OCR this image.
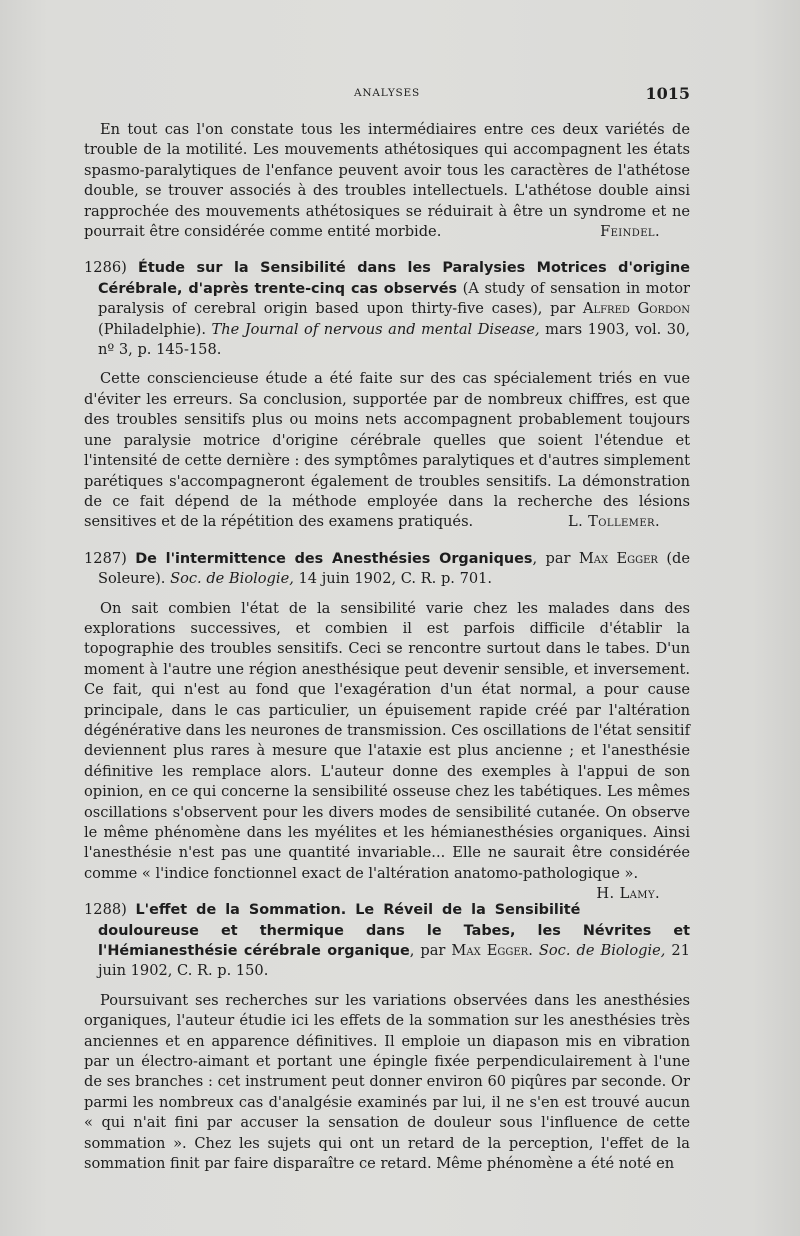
ANALYSES	1015

En tout cas l'on constate tous les intermédiaires entre ces deux variétés de trouble de la motilité. Les mouvements athétosiques qui accompagnent les états spasmo-paralytiques de l'enfance peuvent avoir tous les caractères de l'athétose double, se trouver associés à des troubles intellectuels. L'athétose double ainsi rapprochée des mouvements athétosiques se réduirait à être un syndrome et ne pourrait être considérée comme entité morbide.	Feindel.

1286) Étude sur la Sensibilité dans les Paralysies Motrices d'origine Cérébrale, d'après trente-cinq cas observés (A study of sensation in motor paralysis of cerebral origin based upon thirty-five cases), par Alfred Gordon (Philadelphie). The Journal of nervous and mental Disease, mars 1903, vol. 30, nº 3, p. 145-158.

Cette consciencieuse étude a été faite sur des cas spécialement triés en vue d'éviter les erreurs. Sa conclusion, supportée par de nombreux chiffres, est que des troubles sensitifs plus ou moins nets accompagnent probablement toujours une paralysie motrice d'origine cérébrale quelles que soient l'étendue et l'intensité de cette dernière : des symptômes paralytiques et d'autres simplement parétiques s'accompagneront également de troubles sensitifs. La démonstration de ce fait dépend de la méthode employée dans la recherche des lésions sensitives et de la répétition des examens pratiqués.	L. Tollemer.

1287) De l'intermittence des Anesthésies Organiques, par Max Egger (de Soleure). Soc. de Biologie, 14 juin 1902, C. R. p. 701.

On sait combien l'état de la sensibilité varie chez les malades dans des explorations successives, et combien il est parfois difficile d'établir la topographie des troubles sensitifs. Ceci se rencontre surtout dans le tabes. D'un moment à l'autre une région anesthésique peut devenir sensible, et inversement. Ce fait, qui n'est au fond que l'exagération d'un état normal, a pour cause principale, dans le cas particulier, un épuisement rapide créé par l'altération dégénérative dans les neurones de transmission. Ces oscillations de l'état sensitif deviennent plus rares à mesure que l'ataxie est plus ancienne ; et l'anesthésie définitive les remplace alors. L'auteur donne des exemples à l'appui de son opinion, en ce qui concerne la sensibilité osseuse chez les tabétiques. Les mêmes oscillations s'observent pour les divers modes de sensibilité cutanée. On observe le même phénomène dans les myélites et les hémianesthésies organiques. Ainsi l'anesthésie n'est pas une quantité invariable... Elle ne saurait être considérée comme « l'indice fonctionnel exact de l'altération anatomo-pathologique ».
H. Lamy.

1288) L'effet de la Sommation. Le Réveil de la Sensibilité douloureuse et thermique dans le Tabes, les Névrites et l'Hémianesthésie cérébrale organique, par Max Egger. Soc. de Biologie, 21 juin 1902, C. R. p. 150.

Poursuivant ses recherches sur les variations observées dans les anesthésies organiques, l'auteur étudie ici les effets de la sommation sur les anesthésies très anciennes et en apparence définitives. Il emploie un diapason mis en vibration par un électro-aimant et portant une épingle fixée perpendiculairement à l'une de ses branches : cet instrument peut donner environ 60 piqûres par seconde. Or parmi les nombreux cas d'analgésie examinés par lui, il ne s'en est trouvé aucun « qui n'ait fini par accuser la sensation de douleur sous l'influence de cette sommation ». Chez les sujets qui ont un retard de la perception, l'effet de la sommation finit par faire disparaître ce retard. Même phénomène a été noté en
